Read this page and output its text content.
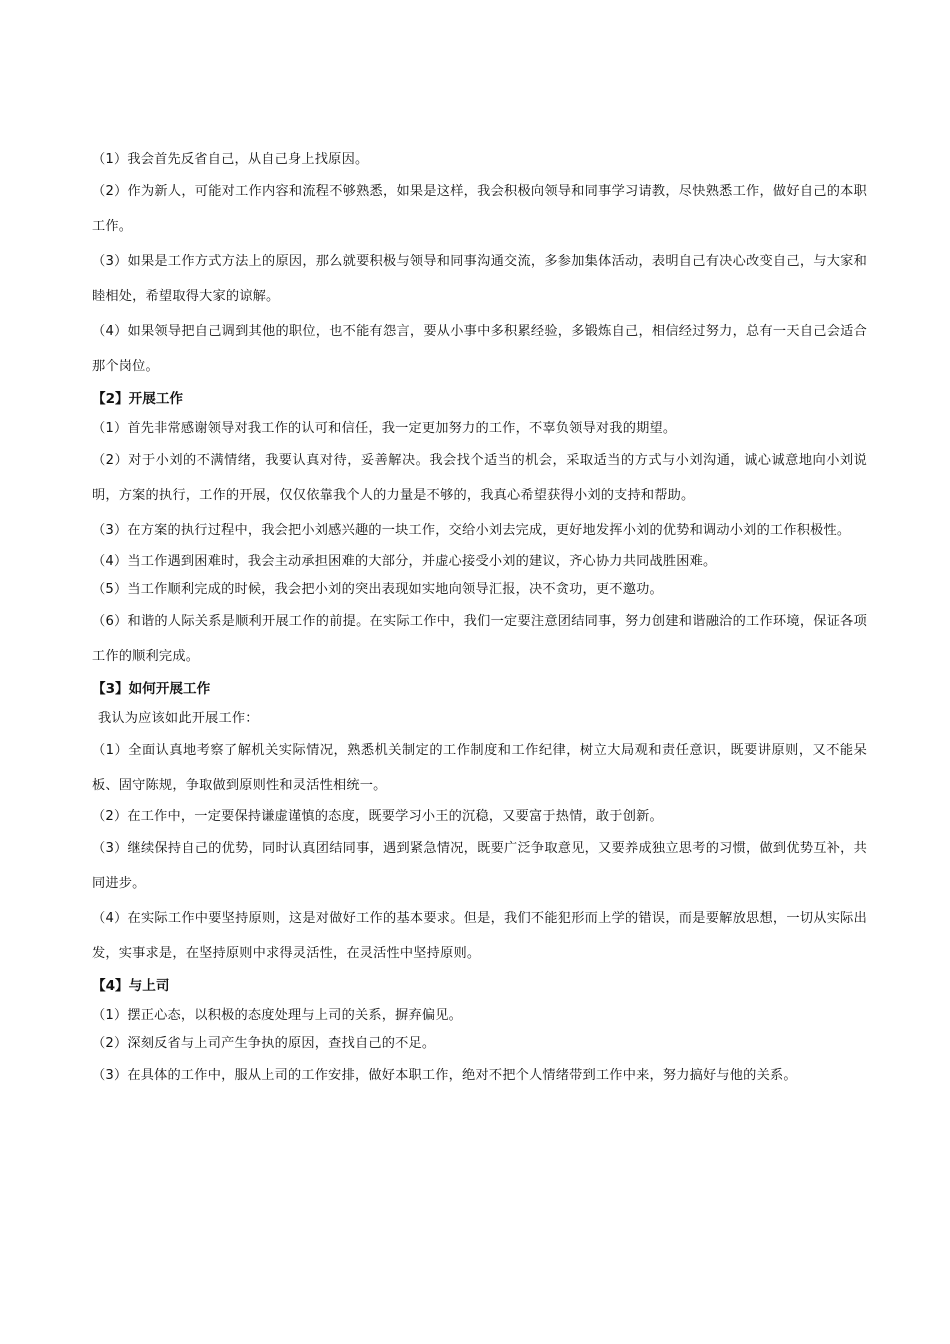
（1）我会首先反省自己，从自己身上找原因。
（2）作为新人，可能对工作内容和流程不够熟悉，如果是这样，我会积极向领导和同事学习请教，尽快熟悉工作，做好自己的本职工作。
（3）如果是工作方式方法上的原因，那么就要积极与领导和同事沟通交流，多参加集体活动，表明自己有决心改变自己，与大家和睦相处，希望取得大家的谅解。
（4）如果领导把自己调到其他的职位，也不能有怨言，要从小事中多积累经验，多锻炼自己，相信经过努力，总有一天自己会适合那个岗位。
【2】开展工作
（1）首先非常感谢领导对我工作的认可和信任，我一定更加努力的工作，不辜负领导对我的期望。
（2）对于小刘的不满情绪，我要认真对待，妥善解决。我会找个适当的机会，采取适当的方式与小刘沟通，诚心诚意地向小刘说明，方案的执行，工作的开展，仅仅依靠我个人的力量是不够的，我真心希望获得小刘的支持和帮助。
（3）在方案的执行过程中，我会把小刘感兴趣的一块工作，交给小刘去完成，更好地发挥小刘的优势和调动小刘的工作积极性。
（4）当工作遇到困难时，我会主动承担困难的大部分，并虚心接受小刘的建议，齐心协力共同战胜困难。
（5）当工作顺利完成的时候，我会把小刘的突出表现如实地向领导汇报，决不贪功，更不邀功。
（6）和谐的人际关系是顺利开展工作的前提。在实际工作中，我们一定要注意团结同事，努力创建和谐融洽的工作环境，保证各项工作的顺利完成。
【3】如何开展工作
我认为应该如此开展工作：
（1）全面认真地考察了解机关实际情况，熟悉机关制定的工作制度和工作纪律，树立大局观和责任意识，既要讲原则，又不能呆板、固守陈规，争取做到原则性和灵活性相统一。
（2）在工作中，一定要保持谦虚谨慎的态度，既要学习小王的沉稳，又要富于热情，敢于创新。
（3）继续保持自己的优势，同时认真团结同事，遇到紧急情况，既要广泛争取意见，又要养成独立思考的习惯，做到优势互补，共同进步。
（4）在实际工作中要坚持原则，这是对做好工作的基本要求。但是，我们不能犯形而上学的错误，而是要解放思想，一切从实际出发，实事求是，在坚持原则中求得灵活性，在灵活性中坚持原则。
【4】与上司
（1）摆正心态，以积极的态度处理与上司的关系，摒弃偏见。
（2）深刻反省与上司产生争执的原因，查找自己的不足。
（3）在具体的工作中，服从上司的工作安排，做好本职工作，绝对不把个人情绪带到工作中来，努力搞好与他的关系。
